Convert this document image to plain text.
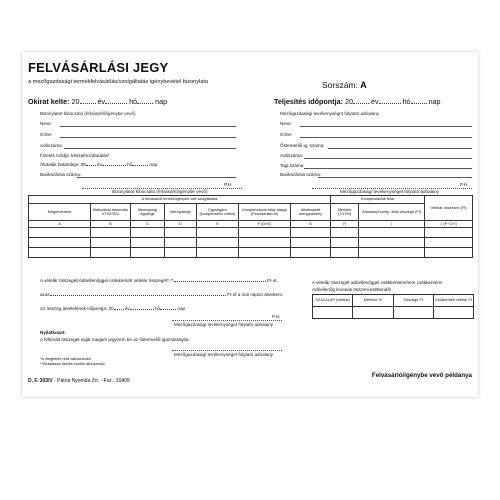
FELVÁSÁRLÁSI JEGY
a mezőgazdasági termékfelvásárlás/szolgáltatás igénybevétel bizonylata	Sorszám: A
Okirat kelte: 20	év	hó	nap	Teljesítés időpontja: 20	év	hó	nap
Bizonylatot kibocsátó (felvásárló/igénybe vevő)
Neve:
Címe:
Adószáma:
Fizetés módja: készpénz/átutalás*
Átutalás határideje: 20 év	hó	nap
Bankszámla száma:
Mezőgazdasági tevékenységet folytató adóalany
Neve:
Címe:
Őstermelői ig. száma:
Adószáma:
Tagi száma:
Bankszámla száma:
P.H.	P.H.
Bizonylatot kibocsátó (felvásárló/igénybe vevő)	Mezőgazdasági tevékenységet folytató adóalany
A felvásárolt termék/igénybe vett szolgáltatás							Kompenzációs felár		Vételár összesen (Ft)
Megnevezése	Statisztikai besorolás VTSZ/SZJ	Mennyiségi egysége	Mennyisége	Egységára (kompenzáció nélkül)	Kompenzációs felár alapja (Felvásárlási ár)	Alkalmazott árengedmény	Mértéke (7/12%)	Adóalanyt komp. felár összege (Ft)	
A	B	C	D	E	F (D×E)	G	H	I	J (F−G+I)

A vételár összegét/Adóellenőggel csökkentett vételár összegét*,**	Ft-ot,
azaz	Ft-ot a mai napon átvettem.
Az összeg átvételének időpontja: 20 év	hó	nap
P.H.
Mezőgazdasági tevékenységet folytató adóalany
Nyilatkozat:
A felkínált összeget saját magam jegyzem be az őstermelői igazolványba.
Mezőgazdasági tevékenységet folytató adóalany
*A megfelelő rész aláhúzandó!
**Átutalásos fizetés esetén áthúzandó!
A vételár összegét adóellenőggel csökkentem/nem csökkentem!
Adóellenőg levonás összeni kitöltendő!
SZJA ALAP (vételár)	Mértéke %	Összege Ft	Csökkentett vételár Ft

D. F. 303/V - Pátria Nyomda Zrt. - Fsz.: 10409
Felvásárló/igénybe vevő példánya
